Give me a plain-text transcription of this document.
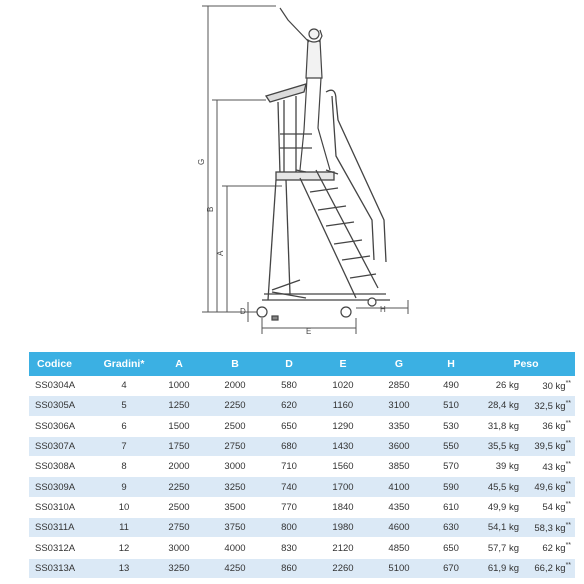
G
B
A
D
E
H
Codice	Gradini*	A	B	D	E	G	H	Peso	
SS0304A	4	1000	2000	580	1020	2850	490	26 kg	30 kg**
SS0305A	5	1250	2250	620	1160	3100	510	28,4 kg	32,5 kg**
SS0306A	6	1500	2500	650	1290	3350	530	31,8 kg	36 kg**
SS0307A	7	1750	2750	680	1430	3600	550	35,5 kg	39,5 kg**
SS0308A	8	2000	3000	710	1560	3850	570	39 kg	43 kg**
SS0309A	9	2250	3250	740	1700	4100	590	45,5 kg	49,6 kg**
SS0310A	10	2500	3500	770	1840	4350	610	49,9 kg	54 kg**
SS0311A	11	2750	3750	800	1980	4600	630	54,1 kg	58,3 kg**
SS0312A	12	3000	4000	830	2120	4850	650	57,7 kg	62 kg**
SS0313A	13	3250	4250	860	2260	5100	670	61,9 kg	66,2 kg**
